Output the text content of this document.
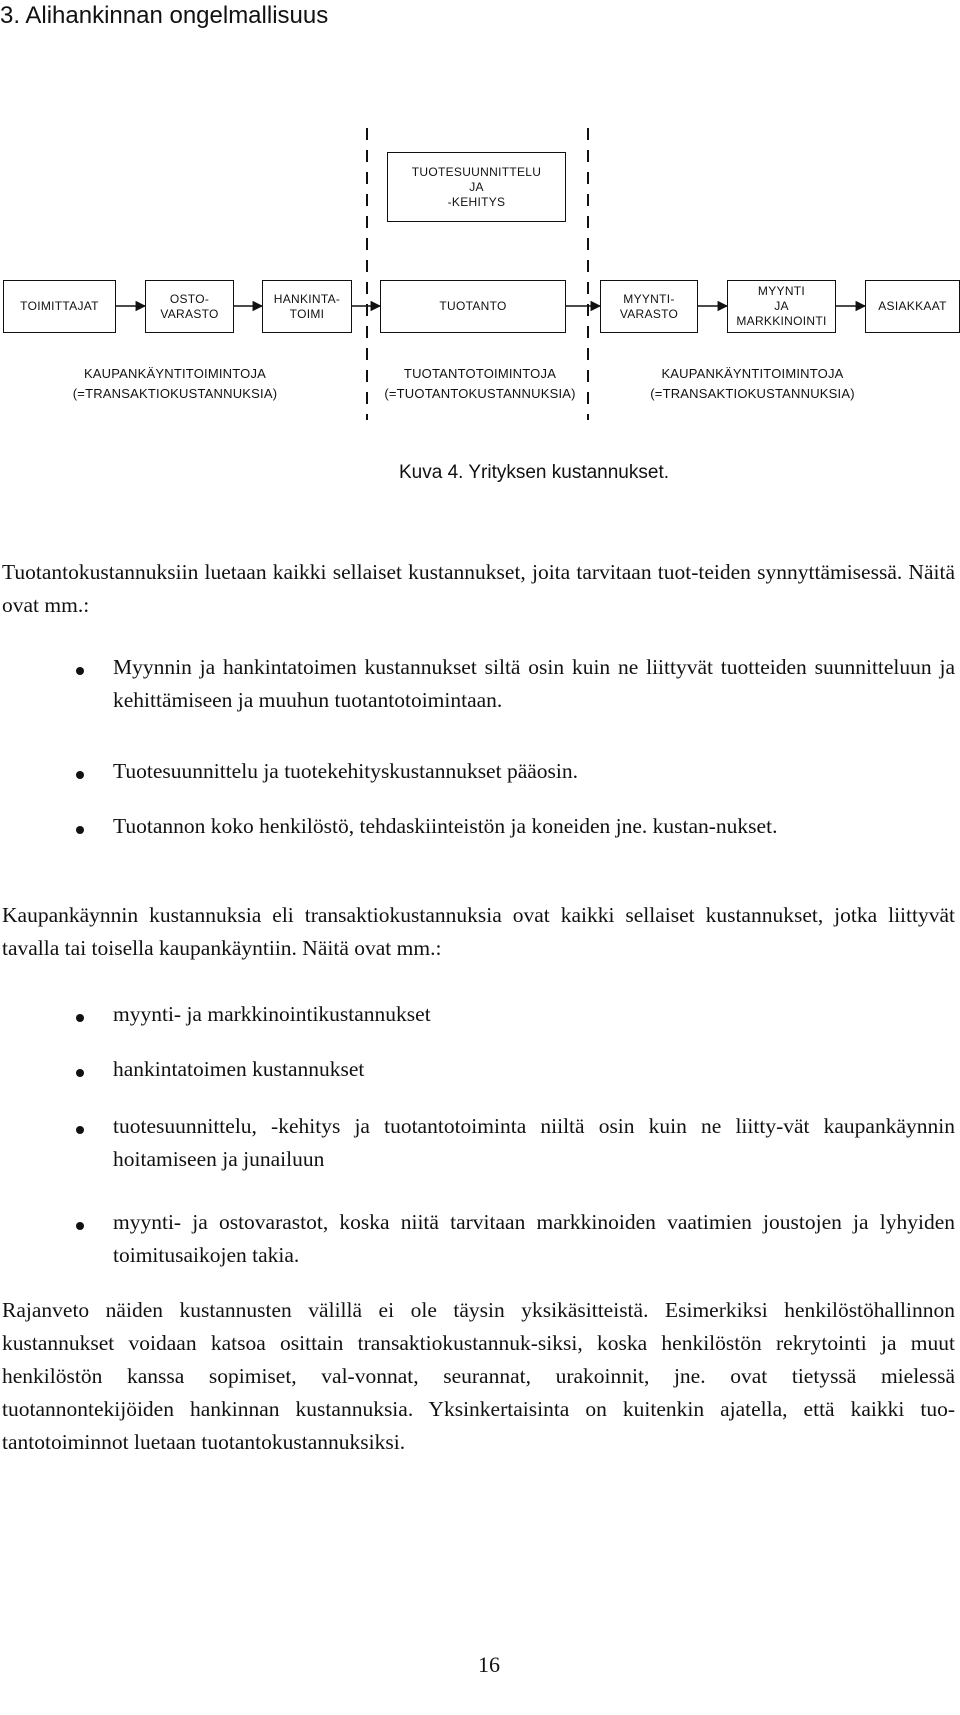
3. Alihankinnan ongelmallisuus
TUOTESUUNNITTELU
JA
-KEHITYS
TOIMITTAJAT
OSTO-
VARASTO
HANKINTA-
TOIMI
TUOTANTO
MYYNTI-
VARASTO
MYYNTI
JA
MARKKINOINTI
ASIAKKAAT
KAUPANKÄYNTITOIMINTOJA
(=TRANSAKTIOKUSTANNUKSIA)
TUOTANTOTOIMINTOJA
(=TUOTANTOKUSTANNUKSIA)
KAUPANKÄYNTITOIMINTOJA
(=TRANSAKTIOKUSTANNUKSIA)
Kuva 4. Yrityksen kustannukset.
Tuotantokustannuksiin luetaan kaikki sellaiset kustannukset, joita tarvitaan tuot-teiden synnyttämisessä. Näitä ovat mm.:
Myynnin ja hankintatoimen kustannukset siltä osin kuin ne liittyvät tuotteiden suunnitteluun ja kehittämiseen ja muuhun tuotantotoimintaan.
Tuotesuunnittelu ja tuotekehityskustannukset pääosin.
Tuotannon koko henkilöstö, tehdaskiinteistön ja koneiden jne. kustan-nukset.
Kaupankäynnin kustannuksia eli transaktiokustannuksia ovat kaikki sellaiset kustannukset, jotka liittyvät tavalla tai toisella kaupankäyntiin. Näitä ovat mm.:
myynti- ja markkinointikustannukset
hankintatoimen kustannukset
tuotesuunnittelu, -kehitys ja tuotantotoiminta niiltä osin kuin ne liitty-vät kaupankäynnin hoitamiseen ja junailuun
myynti- ja ostovarastot, koska niitä tarvitaan markkinoiden vaatimien joustojen ja lyhyiden toimitusaikojen takia.
Rajanveto näiden kustannusten välillä ei ole täysin yksikäsitteistä. Esimerkiksi henkilöstöhallinnon kustannukset voidaan katsoa osittain transaktiokustannuk-siksi, koska henkilöstön rekrytointi ja muut henkilöstön kanssa sopimiset, val-vonnat, seurannat, urakoinnit, jne. ovat tietyssä mielessä tuotannontekijöiden hankinnan kustannuksia. Yksinkertaisinta on kuitenkin ajatella, että kaikki tuo-tantotoiminnot luetaan tuotantokustannuksiksi.
16
